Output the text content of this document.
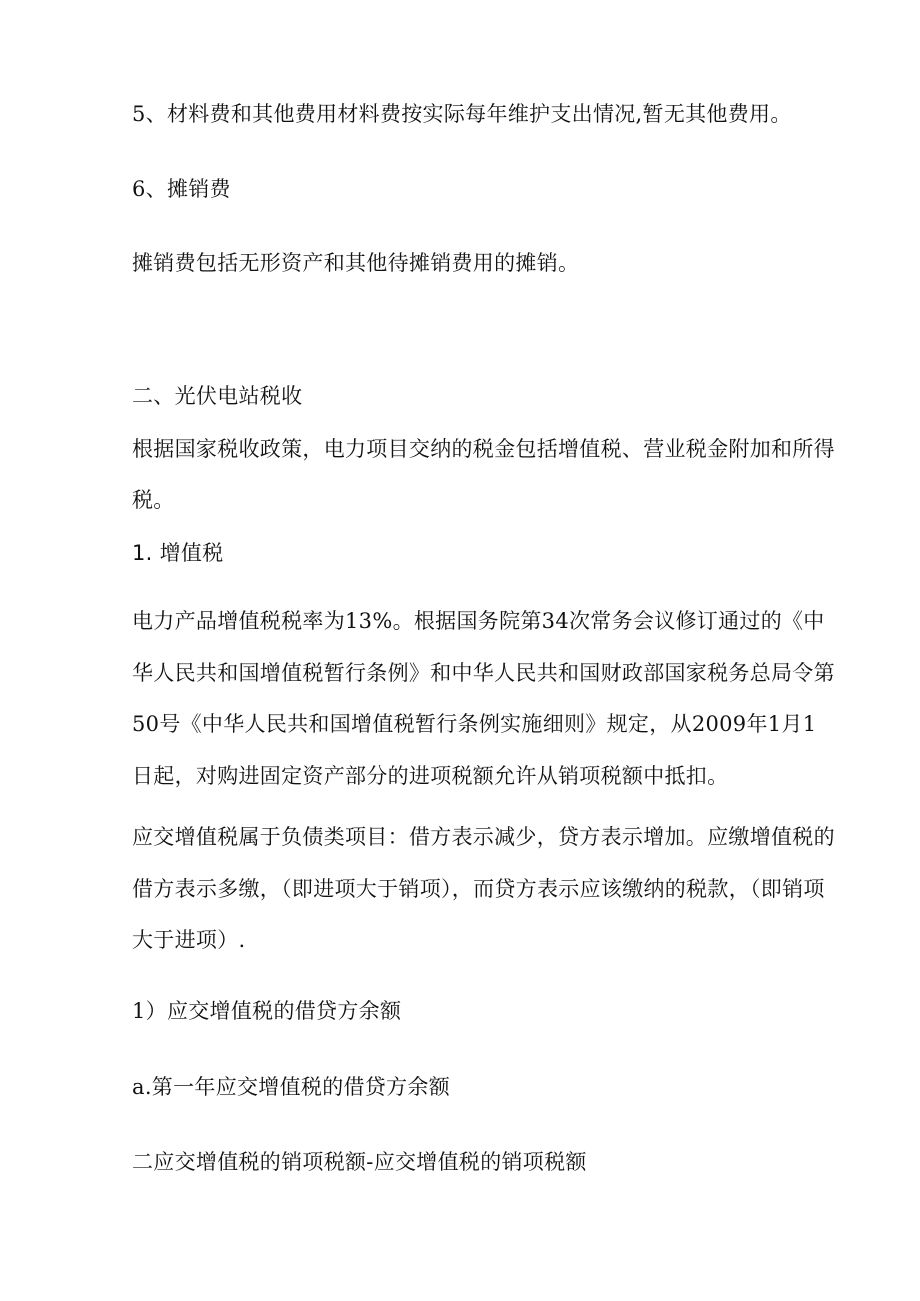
5、材料费和其他费用材料费按实际每年维护支出情况,暂无其他费用。
6、摊销费
摊销费包括无形资产和其他待摊销费用的摊销。
二、光伏电站税收
根据国家税收政策，电力项目交纳的税金包括增值税、营业税金附加和所得
税。
1. 增值税
电力产品增值税税率为13%。根据国务院第34次常务会议修订通过的《中
华人民共和国增值税暂行条例》和中华人民共和国财政部国家税务总局令第
50号《中华人民共和国增值税暂行条例实施细则》规定，从2009年1月1
日起，对购进固定资产部分的进项税额允许从销项税额中抵扣。
应交增值税属于负债类项目：借方表示减少，贷方表示增加。应缴增值税的
借方表示多缴，（即进项大于销项），而贷方表示应该缴纳的税款，（即销项
大于进项）.
1）应交增值税的借贷方余额
a.第一年应交增值税的借贷方余额
二应交增值税的销项税额-应交增值税的销项税额
